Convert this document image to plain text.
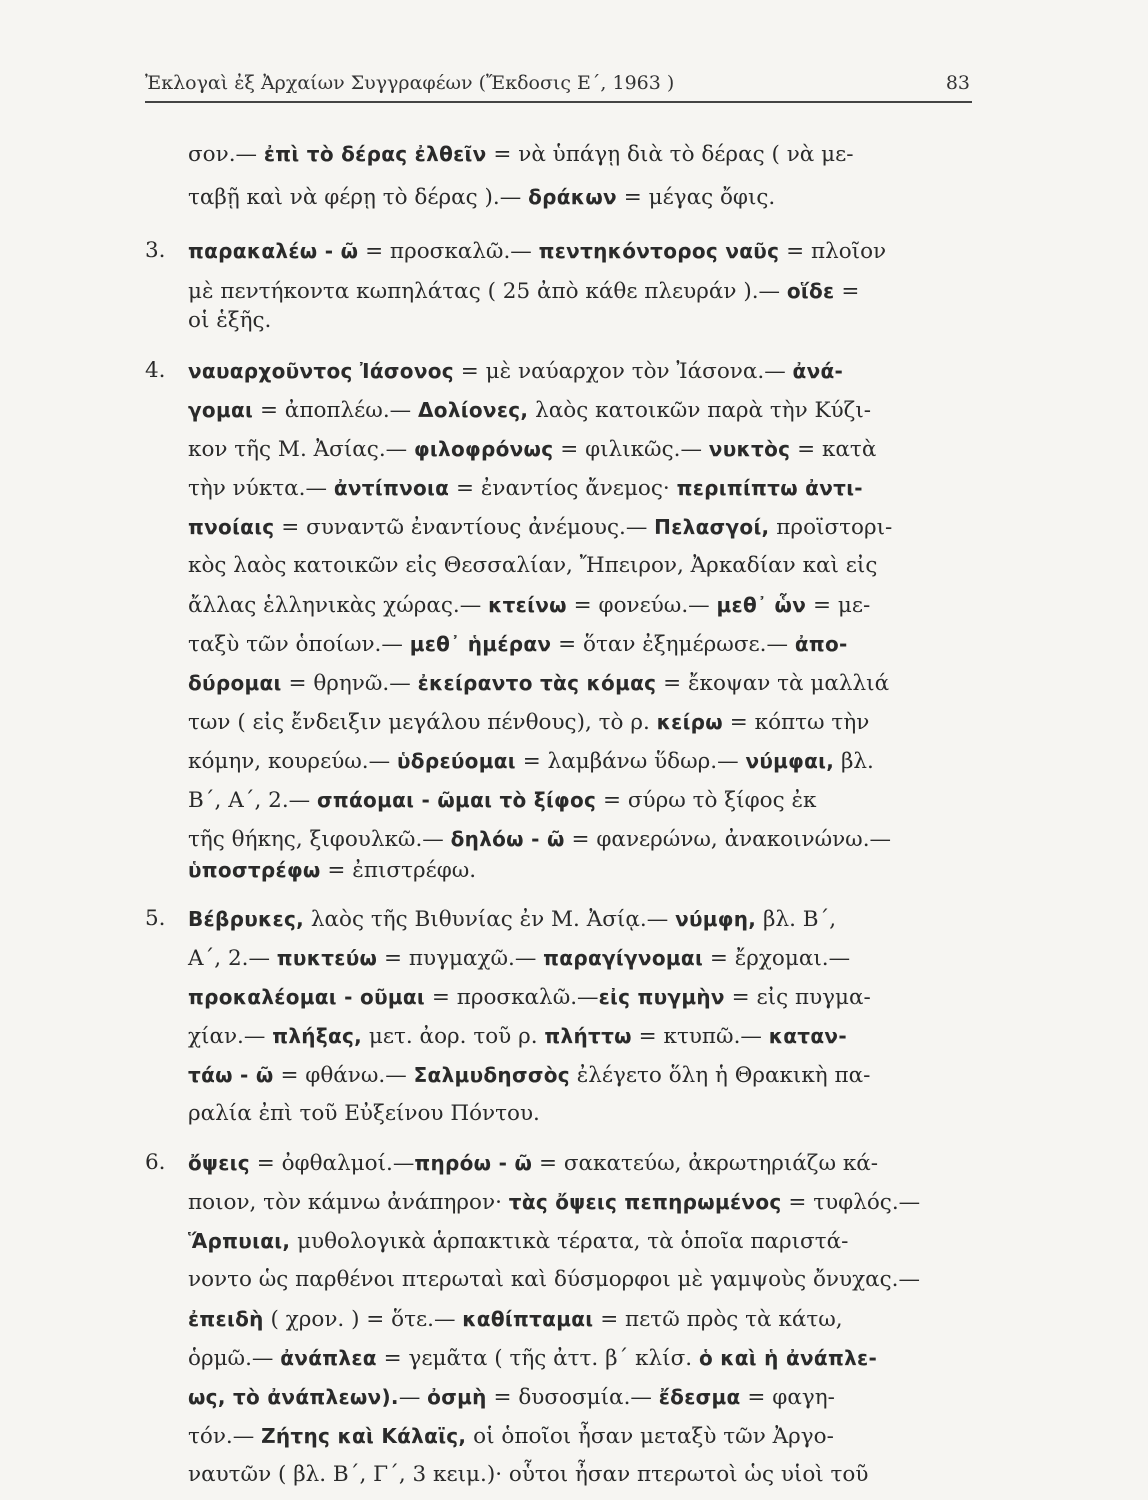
Ἐκλογαὶ ἐξ Ἀρχαίων Συγγραφέων (Ἔκδοσις Ε΄, 1963 )	83
σον.— ἐπὶ τὸ δέρας ἐλθεῖν = νὰ ὑπάγῃ διὰ τὸ δέρας ( νὰ με-
ταβῇ καὶ νὰ φέρῃ τὸ δέρας ).— δράκων = μέγας ὄφις.
3.	παρακαλέω - ῶ = προσκαλῶ.— πεντηκόντορος ναῦς = πλοῖον
μὲ πεντήκοντα κωπηλάτας ( 25 ἀπὸ κάθε πλευράν ).— οἵδε =
οἱ ἑξῆς.
4.	ναυαρχοῦντος Ἰάσονος = μὲ ναύαρχον τὸν Ἰάσονα.— ἀνά-
γομαι = ἀποπλέω.— Δολίονες, λαὸς κατοικῶν παρὰ τὴν Κύζι-
κον τῆς Μ. Ἀσίας.— φιλοφρόνως = φιλικῶς.— νυκτὸς = κατὰ
τὴν νύκτα.— ἀντίπνοια = ἐναντίος ἄνεμος· περιπίπτω ἀντι-
πνοίαις = συναντῶ ἐναντίους ἀνέμους.— Πελασγοί, προϊστορι-
κὸς λαὸς κατοικῶν εἰς Θεσσαλίαν, Ἤπειρον, Ἀρκαδίαν καὶ εἰς
ἄλλας ἑλληνικὰς χώρας.— κτείνω = φονεύω.— μεθ᾽ ὧν = με-
ταξὺ τῶν ὁποίων.— μεθ᾽ ἡμέραν = ὅταν ἐξημέρωσε.— ἀπο-
δύρομαι = θρηνῶ.— ἐκείραντο τὰς κόμας = ἔκοψαν τὰ μαλλιά
των ( εἰς ἔνδειξιν μεγάλου πένθους), τὸ ρ. κείρω = κόπτω τὴν
κόμην, κουρεύω.— ὑδρεύομαι = λαμβάνω ὕδωρ.— νύμφαι, βλ.
Β΄, Α΄, 2.— σπάομαι - ῶμαι τὸ ξίφος = σύρω τὸ ξίφος ἐκ
τῆς θήκης, ξιφουλκῶ.— δηλόω - ῶ = φανερώνω, ἀνακοινώνω.—
ὑποστρέφω = ἐπιστρέφω.
5.	Βέβρυκες, λαὸς τῆς Βιθυνίας ἐν Μ. Ἀσίᾳ.— νύμφη, βλ. Β΄,
Α΄, 2.— πυκτεύω = πυγμαχῶ.— παραγίγνομαι = ἔρχομαι.—
προκαλέομαι - οῦμαι = προσκαλῶ.—εἰς πυγμὴν = εἰς πυγμα-
χίαν.— πλήξας, μετ. ἀορ. τοῦ ρ. πλήττω = κτυπῶ.— καταν-
τάω - ῶ = φθάνω.— Σαλμυδησσὸς ἐλέγετο ὅλη ἡ Θρακικὴ πα-
ραλία ἐπὶ τοῦ Εὐξείνου Πόντου.
6.	ὄψεις = ὀφθαλμοί.—πηρόω - ῶ = σακατεύω, ἀκρωτηριάζω κά-
ποιον, τὸν κάμνω ἀνάπηρον· τὰς ὄψεις πεπηρωμένος = τυφλός.—
Ἅρπυιαι, μυθολογικὰ ἁρπακτικὰ τέρατα, τὰ ὁποῖα παριστά-
νοντο ὡς παρθένοι πτερωταὶ καὶ δύσμορφοι μὲ γαμψοὺς ὄνυχας.—
ἐπειδὴ ( χρον. ) = ὅτε.— καθίπταμαι = πετῶ πρὸς τὰ κάτω,
ὁρμῶ.— ἀνάπλεα = γεμᾶτα ( τῆς ἀττ. β΄ κλίσ. ὁ καὶ ἡ ἀνάπλε-
ως, τὸ ἀνάπλεων).— ὀσμὴ = δυσοσμία.— ἔδεσμα = φαγη-
τόν.— Ζήτης καὶ Κάλαϊς, οἱ ὁποῖοι ἦσαν μεταξὺ τῶν Ἀργο-
ναυτῶν ( βλ. Β΄, Γ΄, 3 κειμ.)· οὗτοι ἦσαν πτερωτοὶ ὡς υἱοὶ τοῦ
